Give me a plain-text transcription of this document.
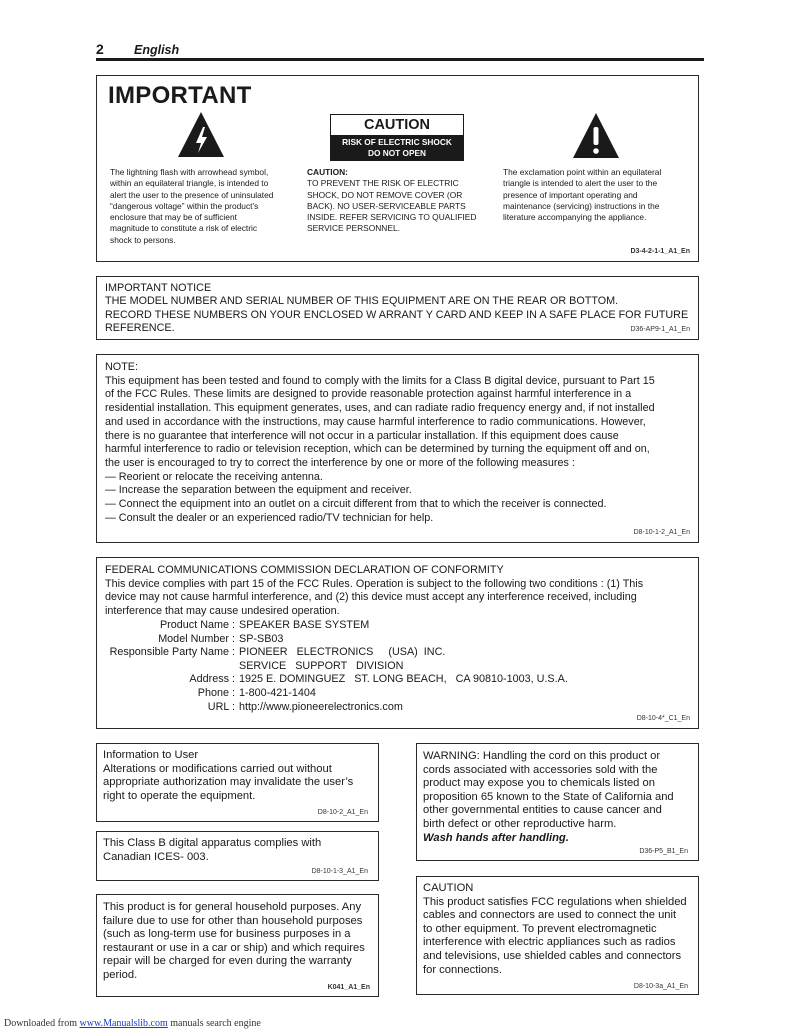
2 English
IMPORTANT
CAUTION
RISK OF ELECTRIC SHOCK
DO NOT OPEN
The lightning flash with arrowhead symbol,
within an equilateral triangle, is intended to
alert the user to the presence of uninsulated
“dangerous voltage” within the product’s
enclosure that may be of sufficient
magnitude to constitute a risk of electric
shock to persons.
CAUTION:
TO PREVENT THE RISK OF ELECTRIC
SHOCK, DO NOT REMOVE COVER (OR
BACK). NO USER-SERVICEABLE PARTS
INSIDE. REFER SERVICING TO QUALIFIED
SERVICE PERSONNEL.
The exclamation point within an equilateral
triangle is intended to alert the user to the
presence of important operating and
maintenance (servicing) instructions in the
literature accompanying the appliance.
D3-4-2-1-1_A1_En
IMPORTANT NOTICE
THE MODEL NUMBER AND SERIAL NUMBER OF THIS EQUIPMENT ARE ON THE REAR OR BOTTOM.
RECORD THESE NUMBERS ON YOUR ENCLOSED W ARRANT Y CARD AND KEEP IN A SAFE PLACE FOR FUTURE
REFERENCE.	D36-AP9-1_A1_En
NOTE:
This equipment has been tested and found to comply with the limits for a Class B digital device, pursuant to Part 15
of the FCC Rules. These limits are designed to provide reasonable protection against harmful interference in a
residential installation. This equipment generates, uses, and can radiate radio frequency energy and, if not installed
and used in accordance with the instructions, may cause harmful interference to radio communications. However,
there is no guarantee that interference will not occur in a particular installation. If this equipment does cause
harmful interference to radio or television reception, which can be determined by turning the equipment off and on,
the user is encouraged to try to correct the interference by one or more of the following measures :
— Reorient or relocate the receiving antenna.
— Increase the separation between the equipment and receiver.
— Connect the equipment into an outlet on a circuit different from that to which the receiver is connected.
— Consult the dealer or an experienced radio/TV technician for help.
D8-10-1-2_A1_En
FEDERAL COMMUNICATIONS COMMISSION DECLARATION OF CONFORMITY
This device complies with part 15 of the FCC Rules. Operation is subject to the following two conditions : (1) This
device may not cause harmful interference, and (2) this device must accept any interference received, including
interference that may cause undesired operation.
Product Name : SPEAKER BASE SYSTEM
Model Number : SP-SB03
Responsible Party Name : PIONEER   ELECTRONICS     (USA)  INC.
SERVICE   SUPPORT   DIVISION
Address : 1925 E. DOMINGUEZ   ST. LONG BEACH,   CA 90810-1003, U.S.A.
Phone : 1-800-421-1404
URL : http://www.pioneerelectronics.com
D8-10-4*_C1_En
Information to User
Alterations or modifications carried out without
appropriate authorization may invalidate the user’s
right to operate the equipment.
D8-10-2_A1_En
This Class B digital apparatus complies with
Canadian ICES- 003.
D8-10-1-3_A1_En
This product is for general household purposes. Any
failure due to use for other than household purposes
(such as long-term use for business purposes in a
restaurant or use in a car or ship) and which requires
repair will be charged for even during the warranty
period.
K041_A1_En
WARNING: Handling the cord on this product or
cords associated with accessories sold with the
product may expose you to chemicals listed on
proposition 65 known to the State of California and
other governmental entities to cause cancer and
birth defect or other reproductive harm.
Wash hands after handling.
D36-P5_B1_En
CAUTION
This product satisfies FCC regulations when shielded
cables and connectors are used to connect the unit
to other equipment. To prevent electromagnetic
interference with electric appliances such as radios
and televisions, use shielded cables and connectors
for connections.
D8-10-3a_A1_En
Downloaded from www.Manualslib.com manuals search engine
